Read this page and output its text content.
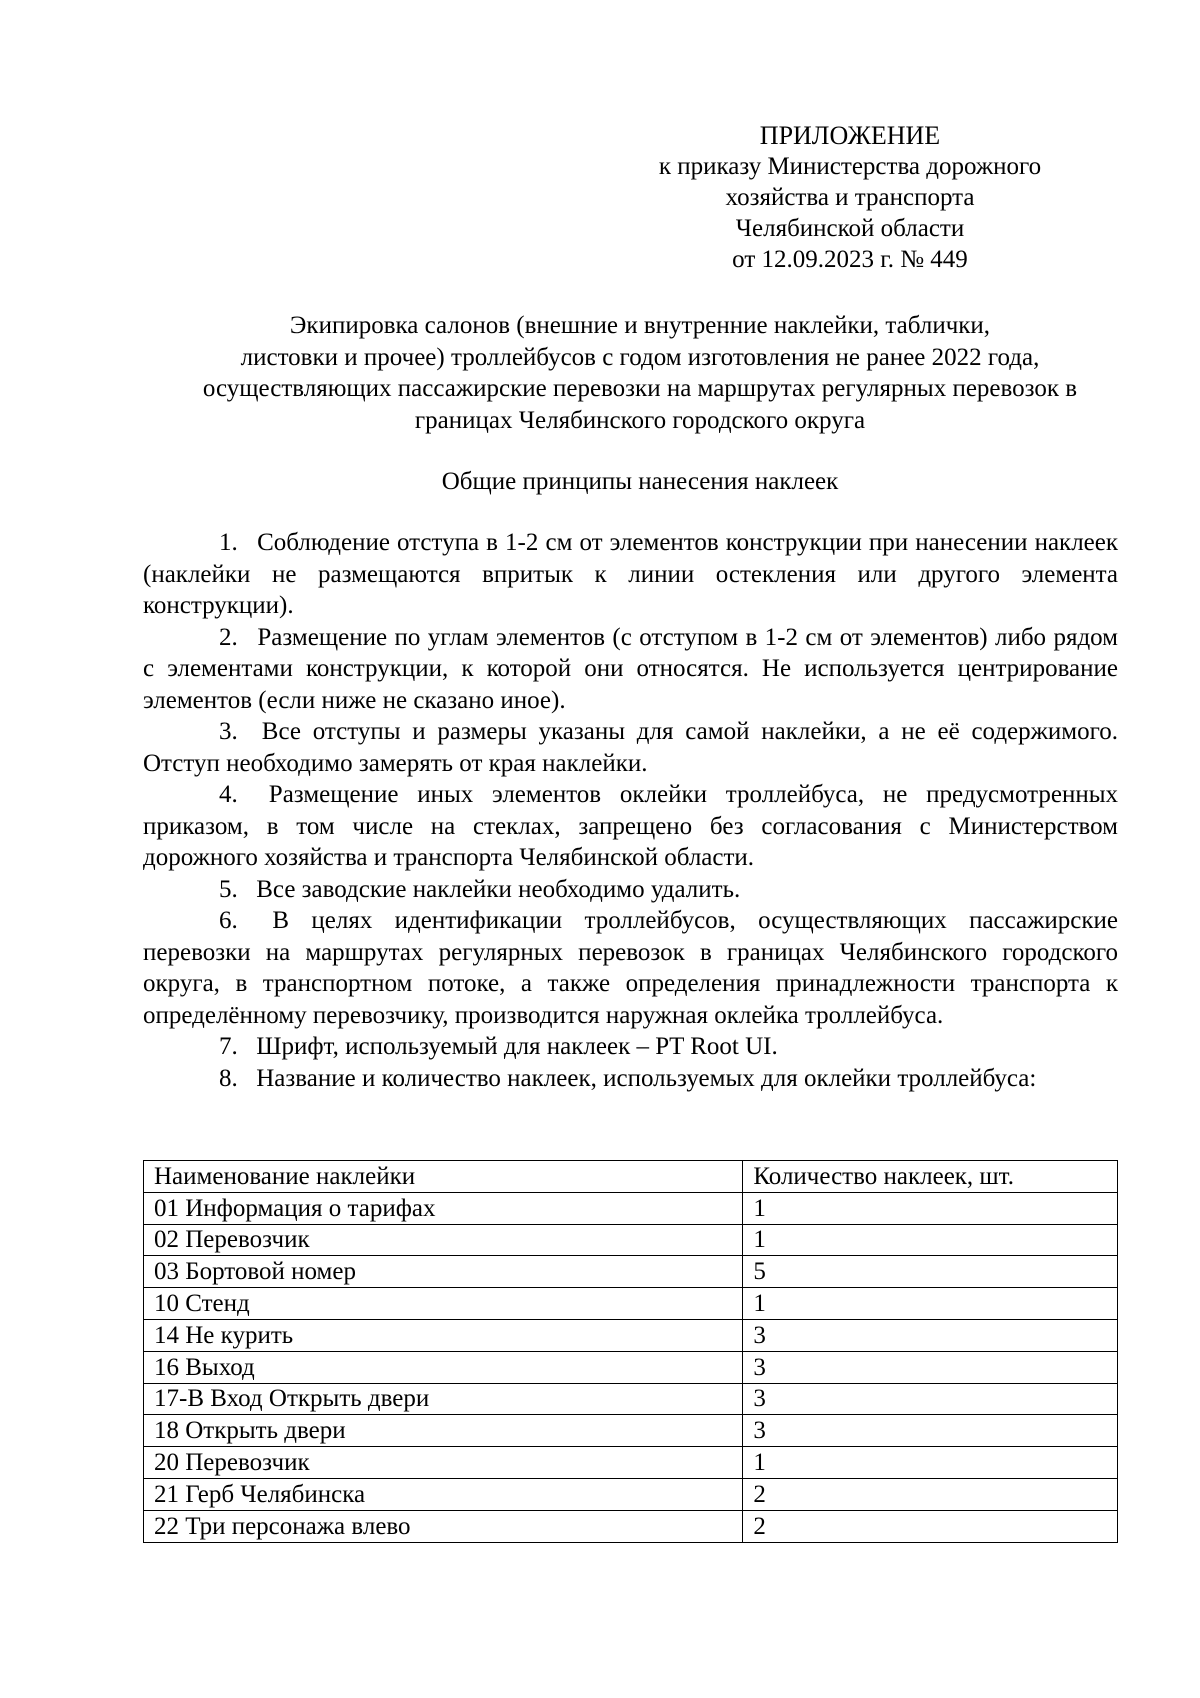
ПРИЛОЖЕНИЕ
к приказу Министерства дорожного
хозяйства и транспорта
Челябинской области
от 12.09.2023 г. № 449
Экипировка салонов (внешние и внутренние наклейки, таблички,
листовки и прочее) троллейбусов с годом изготовления не ранее 2022 года,
осуществляющих пассажирские перевозки на маршрутах регулярных перевозок в
границах Челябинского городского округа
Общие принципы нанесения наклеек
1. Соблюдение отступа в 1-2 см от элементов конструкции при нанесении наклеек (наклейки не размещаются впритык к линии остекления или другого элемента конструкции).
2. Размещение по углам элементов (с отступом в 1-2 см от элементов) либо рядом с элементами конструкции, к которой они относятся. Не используется центрирование элементов (если ниже не сказано иное).
3. Все отступы и размеры указаны для самой наклейки, а не её содержимого. Отступ необходимо замерять от края наклейки.
4. Размещение иных элементов оклейки троллейбуса, не предусмотренных приказом, в том числе на стеклах, запрещено без согласования с Министерством дорожного хозяйства и транспорта Челябинской области.
5. Все заводские наклейки необходимо удалить.
6. В целях идентификации троллейбусов, осуществляющих пассажирские перевозки на маршрутах регулярных перевозок в границах Челябинского городского округа, в транспортном потоке, а также определения принадлежности транспорта к определённому перевозчику, производится наружная оклейка троллейбуса.
7. Шрифт, используемый для наклеек – PT Root UI.
8. Название и количество наклеек, используемых для оклейки троллейбуса:
Наименование наклейки	Количество наклеек, шт.
01 Информация о тарифах	1
02 Перевозчик	1
03 Бортовой номер	5
10 Стенд	1
14 Не курить	3
16 Выход	3
17-В Вход Открыть двери	3
18 Открыть двери	3
20 Перевозчик	1
21 Герб Челябинска	2
22 Три персонажа влево	2
